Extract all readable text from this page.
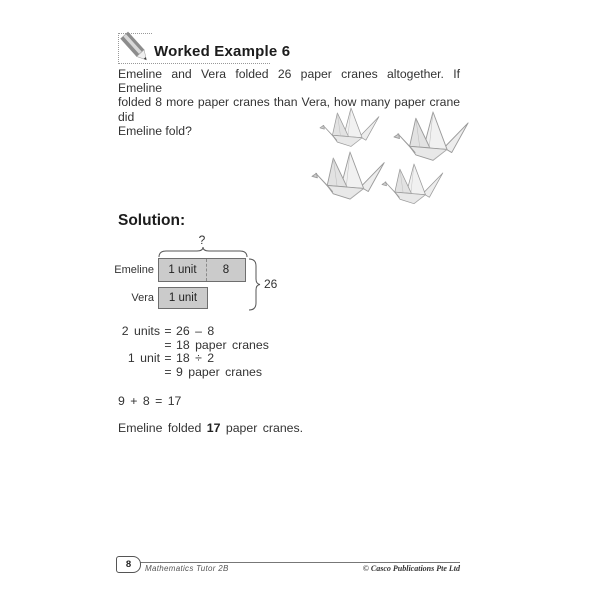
Worked Example 6
Emeline and Vera folded 26 paper cranes altogether. If Emeline
folded 8 more paper cranes than Vera, how many paper crane did
Emeline fold?
Solution:
?
Emeline	1 unit	8
Vera	1 unit
26
2 units = 26 – 8
= 18 paper cranes
1 unit = 18 ÷ 2
= 9 paper cranes
9 + 8 = 17
Emeline folded 17 paper cranes.
8 Mathematics Tutor 2B	© Casco Publications Pte Ltd
